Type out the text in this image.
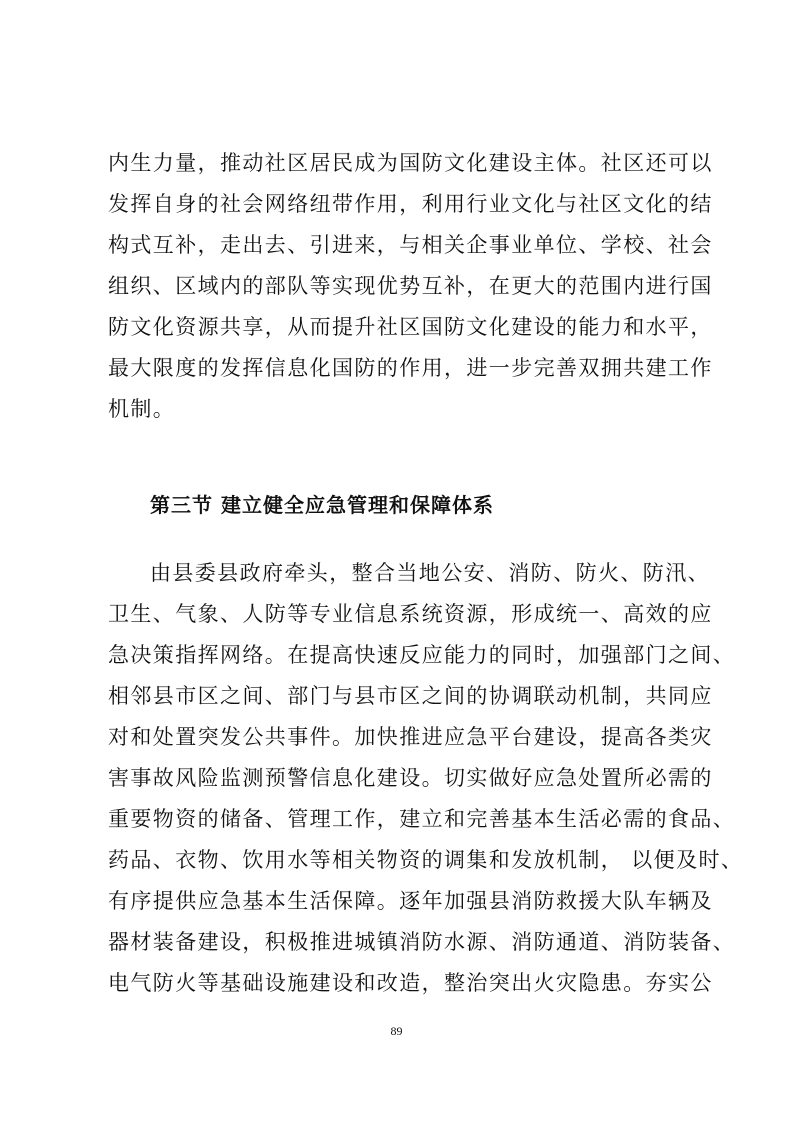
内生力量，推动社区居民成为国防文化建设主体。社区还可以
发挥自身的社会网络纽带作用，利用行业文化与社区文化的结
构式互补，走出去、引进来，与相关企事业单位、学校、社会
组织、区域内的部队等实现优势互补，在更大的范围内进行国
防文化资源共享，从而提升社区国防文化建设的能力和水平，
最大限度的发挥信息化国防的作用，进一步完善双拥共建工作
机制。
第三节 建立健全应急管理和保障体系
由县委县政府牵头，整合当地公安、消防、防火、防汛、
卫生、气象、人防等专业信息系统资源，形成统一、高效的应
急决策指挥网络。在提高快速反应能力的同时，加强部门之间、
相邻县市区之间、部门与县市区之间的协调联动机制，共同应
对和处置突发公共事件。加快推进应急平台建设，提高各类灾
害事故风险监测预警信息化建设。切实做好应急处置所必需的
重要物资的储备、管理工作，建立和完善基本生活必需的食品、
药品、衣物、饮用水等相关物资的调集和发放机制， 以便及时、
有序提供应急基本生活保障。逐年加强县消防救援大队车辆及
器材装备建设，积极推进城镇消防水源、消防通道、消防装备、
电气防火等基础设施建设和改造，整治突出火灾隐患。夯实公
89
